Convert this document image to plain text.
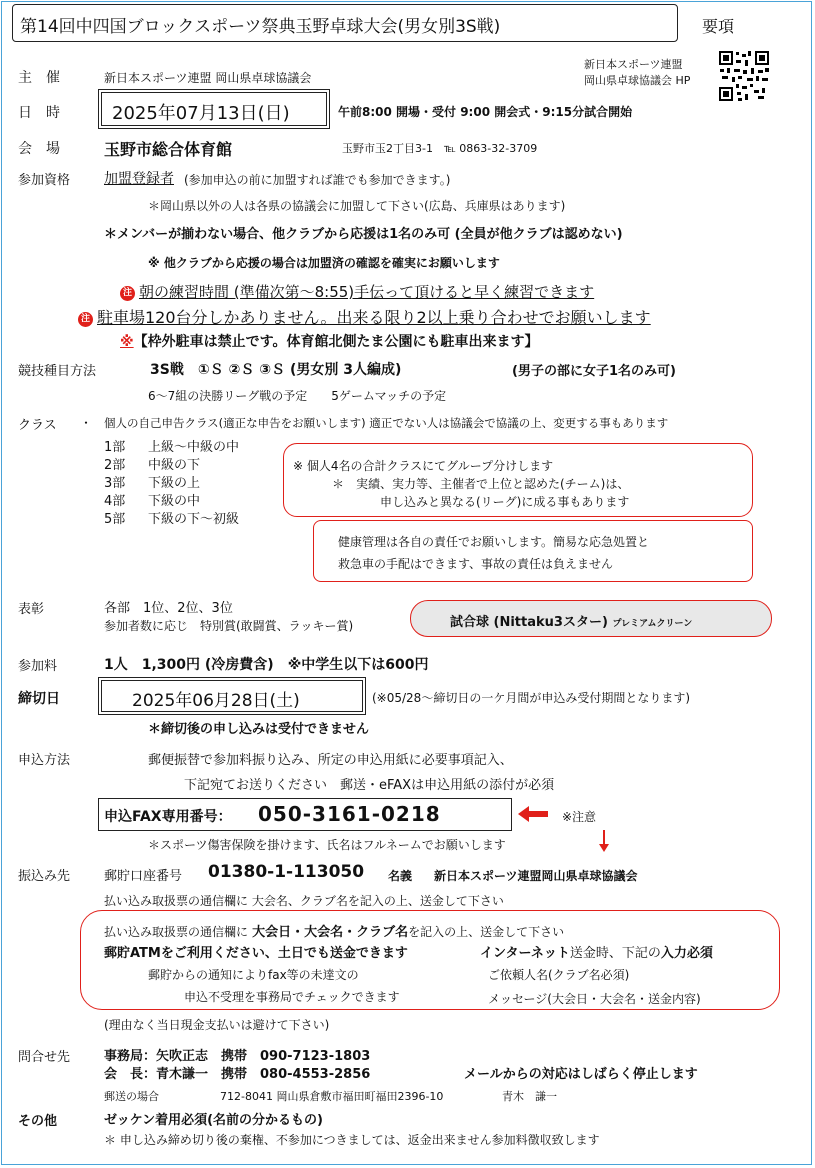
第14回中四国ブロックスポーツ祭典玉野卓球大会(男女別3S戦)	要項
新日本スポーツ連盟
岡山県卓球協議会 HP
主　催	新日本スポーツ連盟 岡山県卓球協議会
日　時	2025年07月13日(日)	午前8:00 開場・受付 9:00 開会式・9:15分試合開始
会　場	玉野市総合体育館	玉野市玉2丁目3-1　℡ 0863-32-3709
参加資格 加盟登録者 (参加申込の前に加盟すれば誰でも参加できます。)
＊岡山県以外の人は各県の協議会に加盟して下さい(広島、兵庫県はあります)
＊メンバーが揃わない場合、他クラブから応援は1名のみ可 (全員が他クラブは認めない)
※ 他クラブから応援の場合は加盟済の確認を確実にお願いします
注 朝の練習時間 (準備次第～8:55)手伝って頂けると早く練習できます
注 駐車場120台分しかありません。出来る限り2以上乗り合わせでお願いします
※【枠外駐車は禁止です。体育館北側たま公園にも駐車出来ます】
競技種目方法	3S戦　①Ｓ ②Ｓ ③Ｓ (男女別 3人編成)	(男子の部に女子1名のみ可)
6～7組の決勝リーグ戦の予定　　5ゲームマッチの予定
クラス ・ 個人の自己申告クラス(適正な申告をお願いします) 適正でない人は協議会で協議の上、変更する事もあります
1部 上級～中級の中
2部 中級の下
3部 下級の上
4部 下級の中
5部 下級の下～初級
※ 個人4名の合計クラスにてグループ分けします
＊　実績、実力等、主催者で上位と認めた(チーム)は、
申し込みと異なる(リーグ)に成る事もあります
健康管理は各自の責任でお願いします。簡易な応急処置と
救急車の手配はできます、事故の責任は負えません
表彰	各部　1位、2位、3位
参加者数に応じ　特別賞(敢闘賞、ラッキー賞)	試合球 (Nittaku3スター) プレミアムクリーン
参加料	1人　1,300円 (冷房費含)　※中学生以下は600円
締切日	2025年06月28日(土)	(※05/28～締切日の一ケ月間が申込み受付期間となります)
＊締切後の申し込みは受付できません
申込方法	郵便振替で参加料振り込み、所定の申込用紙に必要事項記入、
下記宛てお送りください　郵送・eFAXは申込用紙の添付が必須
申込FAX専用番号： 050-3161-0218	※注意
＊スポーツ傷害保険を掛けます、氏名はフルネームでお願いします
振込み先	郵貯口座番号 01380-1-113050 名義 新日本スポーツ連盟岡山県卓球協議会
払い込み取扱票の通信欄に 大会名、クラブ名を記入の上、送金して下さい
払い込み取扱票の通信欄に 大会日・大会名・クラブ名を記入の上、送金して下さい
郵貯ATMをご利用ください、土日でも送金できます	インターネット送金時、下記の入力必須
郵貯からの通知によりfax等の未達文の	ご依頼人名(クラブ名必須)
申込不受理を事務局でチェックできます	メッセージ(大会日・大会名・送金内容)
(理由なく当日現金支払いは避けて下さい)
問合せ先	事務局：矢吹正志　携帯　090-7123-1803
会　長：青木謙一　携帯　080-4553-2856	メールからの対応はしばらく停止します
郵送の場合	712-8041 岡山県倉敷市福田町福田2396-10	青木　謙一
その他	ゼッケン着用必須(名前の分かるもの)
＊ 申し込み締め切り後の棄権、不参加につきましては、返金出来ません参加料徴収致します
